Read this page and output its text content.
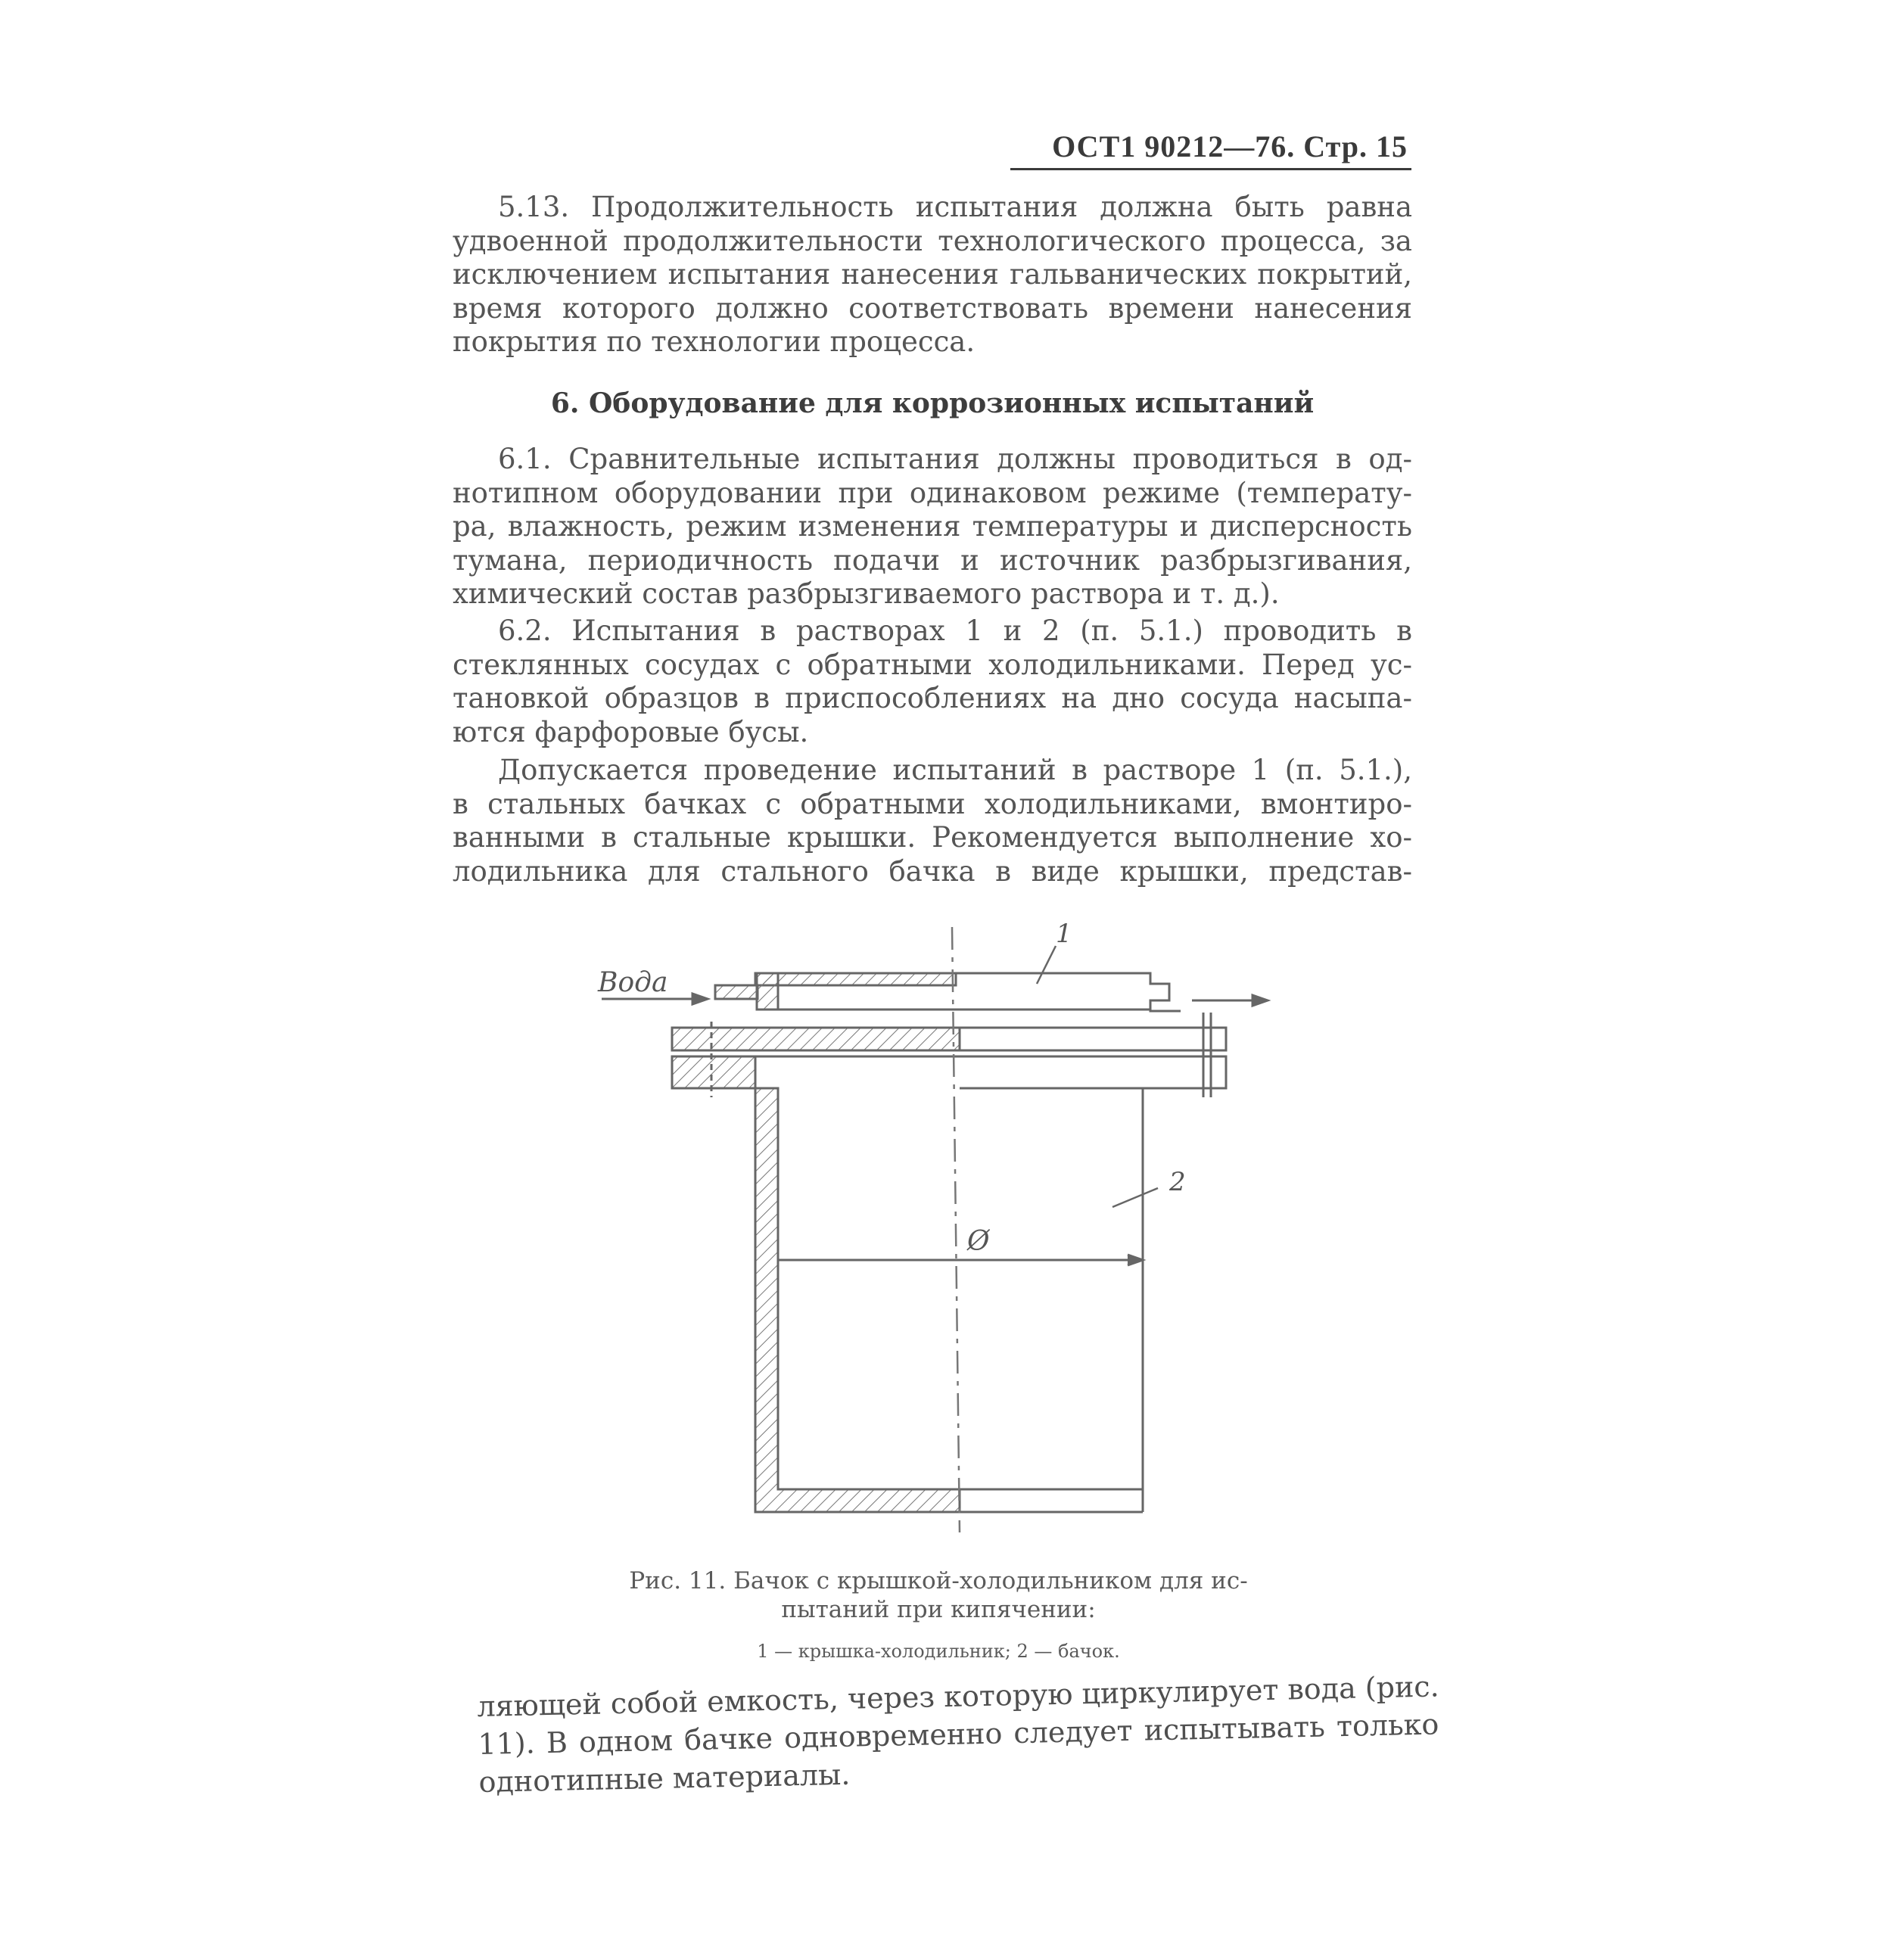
ОСТ1 90212—76. Стр. 15
5.13. Продолжительность испытания должна быть равна
удвоенной продолжительности технологического процесса, за
исключением испытания нанесения гальванических покрытий,
время которого должно соответствовать времени нанесения
покрытия по технологии процесса.
6. Оборудование для коррозионных испытаний
6.1. Сравнительные испытания должны проводиться в од-
нотипном оборудовании при одинаковом режиме (температу-
ра, влажность, режим изменения температуры и дисперсность
тумана, периодичность подачи и источник разбрызгивания,
химический состав разбрызгиваемого раствора и т. д.).
6.2. Испытания в растворах 1 и 2 (п. 5.1.) проводить в
стеклянных сосудах с обратными холодильниками. Перед ус-
тановкой образцов в приспособлениях на дно сосуда насыпа-
ются фарфоровые бусы.
Допускается проведение испытаний в растворе 1 (п. 5.1.),
в стальных бачках с обратными холодильниками, вмонтиро-
ванными в стальные крышки. Рекомендуется выполнение хо-
лодильника для стального бачка в виде крышки, представ-
Вода
1
2
Ø
Рис. 11. Бачок с крышкой-холодильником для ис-
пытаний при кипячении:
1 — крышка-холодильник; 2 — бачок.
ляющей собой емкость, через которую циркулирует вода (рис.
11). В одном бачке одновременно следует испытывать только
однотипные материалы.
